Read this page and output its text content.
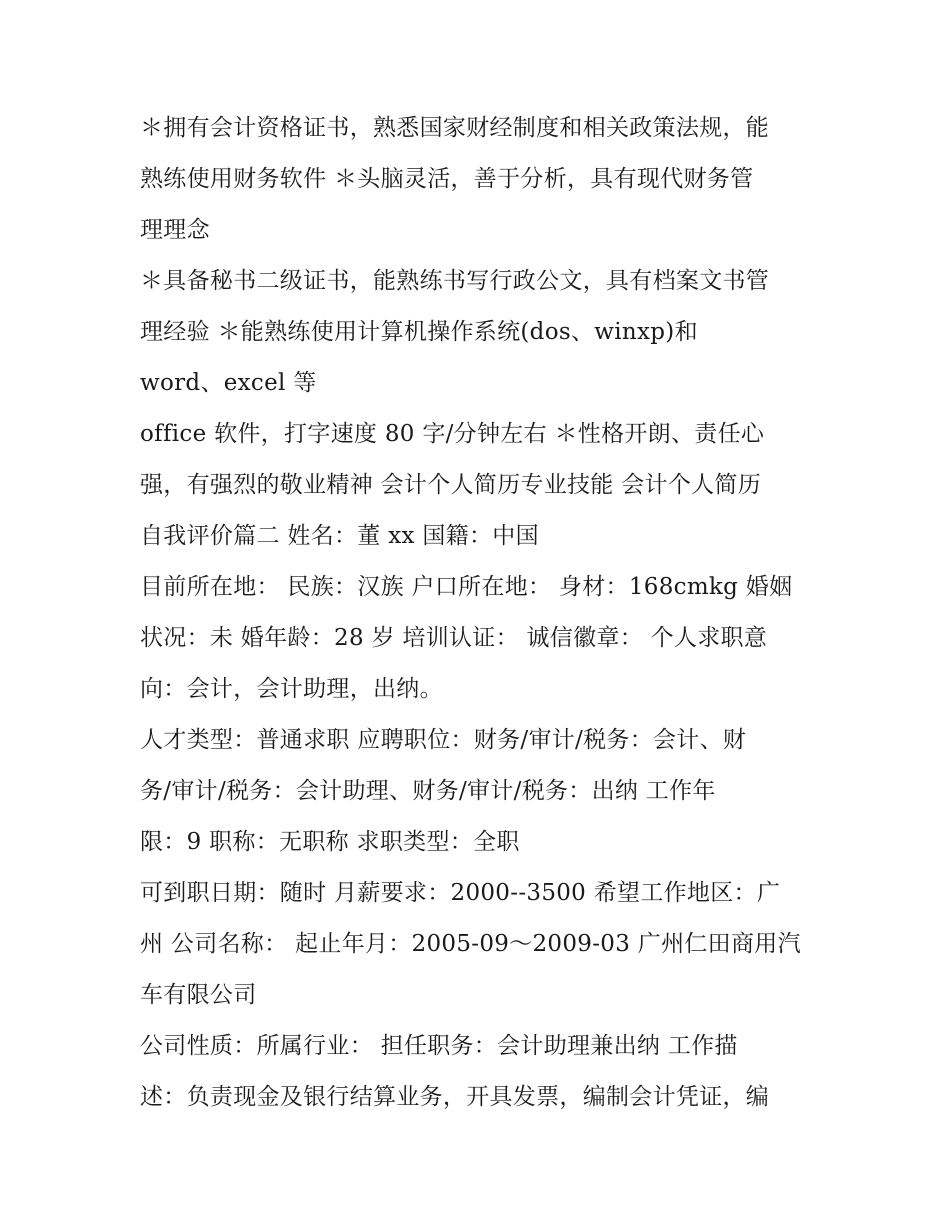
＊拥有会计资格证书，熟悉国家财经制度和相关政策法规，能
熟练使用财务软件 ＊头脑灵活，善于分析，具有现代财务管
理理念
＊具备秘书二级证书，能熟练书写行政公文，具有档案文书管
理经验 ＊能熟练使用计算机操作系统(dos、winxp)和
word、excel 等
office 软件，打字速度 80 字/分钟左右 ＊性格开朗、责任心
强，有强烈的敬业精神 会计个人简历专业技能 会计个人简历
自我评价篇二 姓名：董 xx 国籍：中国
目前所在地： 民族：汉族 户口所在地： 身材：168cmkg 婚姻
状况：未 婚年龄：28 岁 培训认证： 诚信徽章： 个人求职意
向：会计，会计助理，出纳。
人才类型：普通求职 应聘职位：财务/审计/税务：会计、财
务/审计/税务：会计助理、财务/审计/税务：出纳 工作年
限：9 职称：无职称 求职类型：全职
可到职日期：随时 月薪要求：2000--3500 希望工作地区：广
州 公司名称： 起止年月：2005-09～2009-03 广州仁田商用汽
车有限公司
公司性质：所属行业： 担任职务：会计助理兼出纳 工作描
述：负责现金及银行结算业务，开具发票，编制会计凭证，编
